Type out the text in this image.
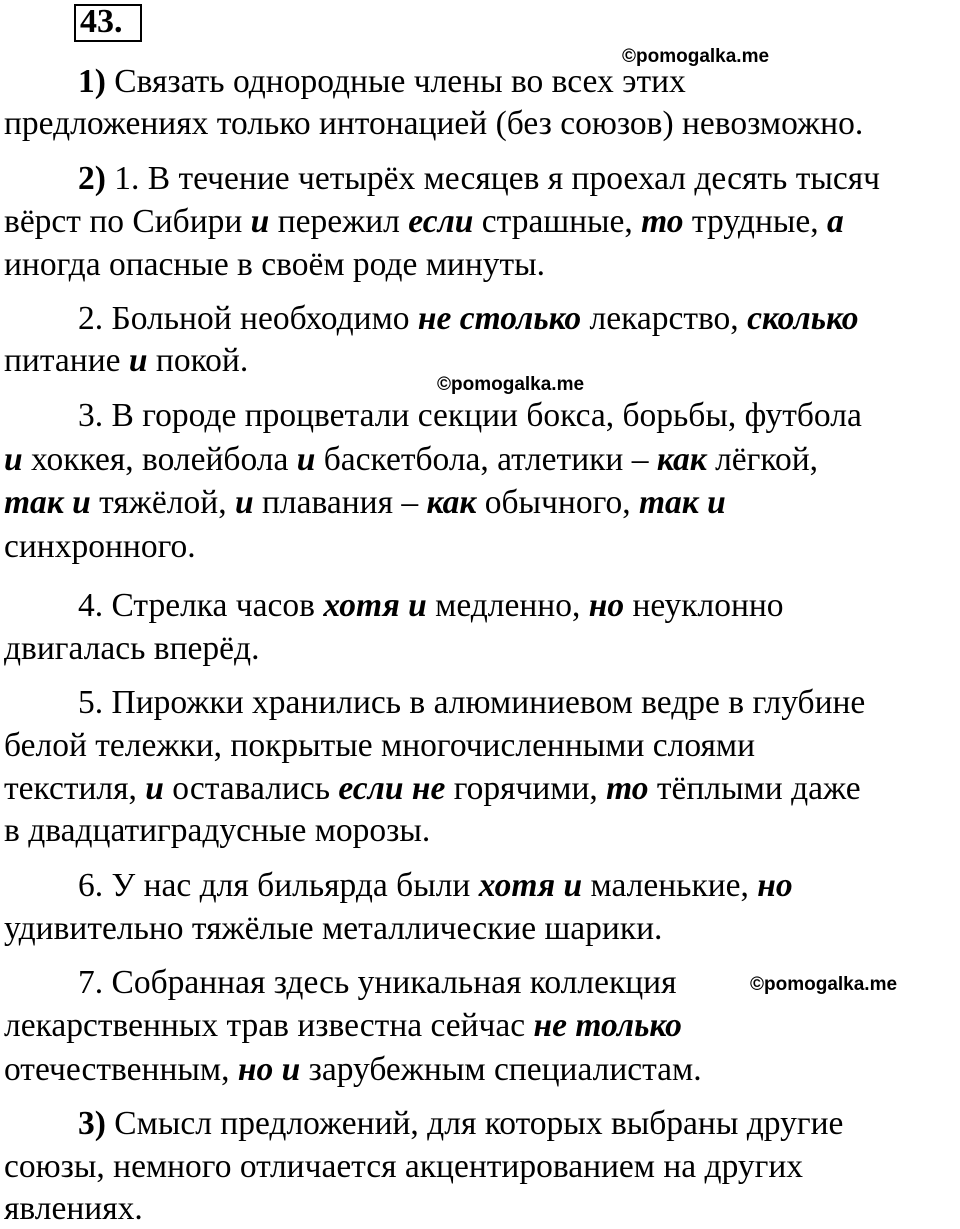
43.
©pomogalka.me
©pomogalka.me
©pomogalka.me
1) Связать однородные члены во всех этих
предложениях только интонацией (без союзов) невозможно.
2) 1. В течение четырёх месяцев я проехал десять тысяч
вёрст по Сибири и пережил если страшные, то трудные, а
иногда опасные в своём роде минуты.
2. Больной необходимо не столько лекарство, сколько
питание и покой.
3. В городе процветали секции бокса, борьбы, футбола
и хоккея, волейбола и баскетбола, атлетики – как лёгкой,
так и тяжёлой, и плавания – как обычного, так и
синхронного.
4. Стрелка часов хотя и медленно, но неуклонно
двигалась вперёд.
5. Пирожки хранились в алюминиевом ведре в глубине
белой тележки, покрытые многочисленными слоями
текстиля, и оставались если не горячими, то тёплыми даже
в двадцатиградусные морозы.
6. У нас для бильярда были хотя и маленькие, но
удивительно тяжёлые металлические шарики.
7. Собранная здесь уникальная коллекция
лекарственных трав известна сейчас не только
отечественным, но и зарубежным специалистам.
3) Смысл предложений, для которых выбраны другие
союзы, немного отличается акцентированием на других
явлениях.
